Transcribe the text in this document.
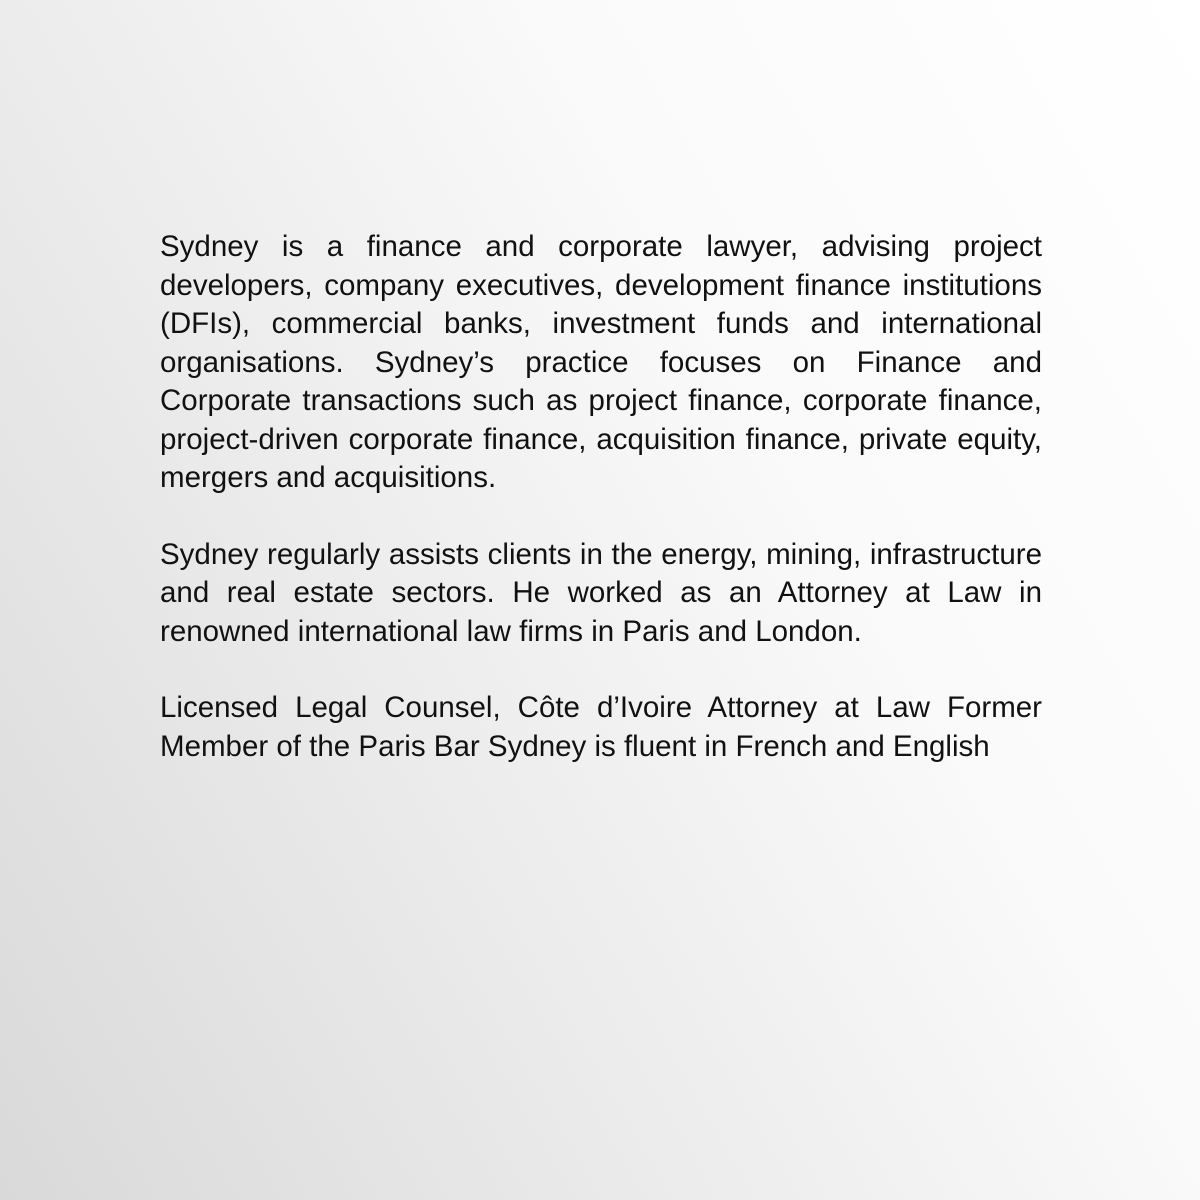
Sydney is a finance and corporate lawyer, advising project developers, company executives, development finance institutions (DFIs), commercial banks, investment funds and international organisations. Sydney’s practice focuses on Finance and Corporate transactions such as project finance, corporate finance, project-driven corporate finance, acquisition finance, private equity, mergers and acquisitions.

Sydney regularly assists clients in the energy, mining, infrastructure and real estate sectors. He worked as an Attorney at Law in renowned international law firms in Paris and London.

Licensed Legal Counsel, Côte d’Ivoire Attorney at Law Former Member of the Paris Bar Sydney is fluent in French and English
